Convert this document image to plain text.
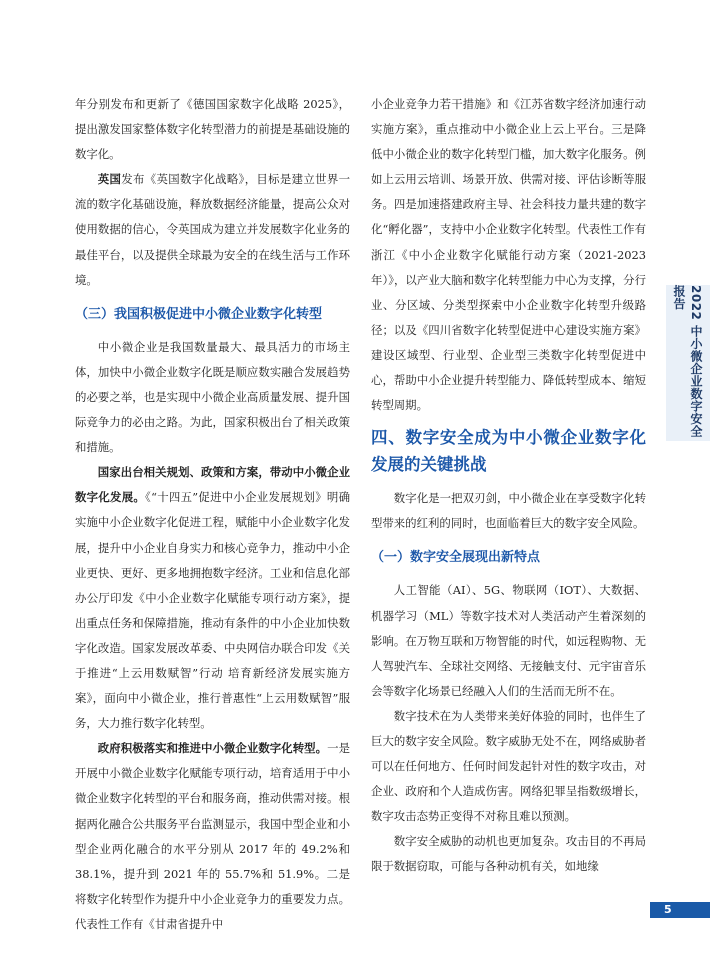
年分别发布和更新了《德国国家数字化战略 2025》，提出激发国家整体数字化转型潜力的前提是基础设施的数字化。

英国发布《英国数字化战略》，目标是建立世界一流的数字化基础设施，释放数据经济能量，提高公众对使用数据的信心，令英国成为建立并发展数字化业务的最佳平台，以及提供全球最为安全的在线生活与工作环境。

（三）我国积极促进中小微企业数字化转型

中小微企业是我国数量最大、最具活力的市场主体，加快中小微企业数字化既是顺应数实融合发展趋势的必要之举，也是实现中小微企业高质量发展、提升国际竞争力的必由之路。为此，国家积极出台了相关政策和措施。

国家出台相关规划、政策和方案，带动中小微企业数字化发展。《“十四五”促进中小企业发展规划》明确实施中小企业数字化促进工程，赋能中小企业数字化发展，提升中小企业自身实力和核心竞争力，推动中小企业更快、更好、更多地拥抱数字经济。工业和信息化部办公厅印发《中小企业数字化赋能专项行动方案》，提出重点任务和保障措施，推动有条件的中小企业加快数字化改造。国家发展改革委、中央网信办联合印发《关于推进“上云用数赋智”行动 培育新经济发展实施方案》，面向中小微企业，推行普惠性“上云用数赋智”服务，大力推行数字化转型。

政府积极落实和推进中小微企业数字化转型。一是开展中小微企业数字化赋能专项行动，培育适用于中小微企业数字化转型的平台和服务商，推动供需对接。根据两化融合公共服务平台监测显示，我国中型企业和小型企业两化融合的水平分别从 2017 年的 49.2%和 38.1%，提升到 2021 年的 55.7%和 51.9%。二是将数字化转型作为提升中小企业竞争力的重要发力点。代表性工作有《甘肃省提升中

小企业竞争力若干措施》和《江苏省数字经济加速行动实施方案》，重点推动中小微企业上云上平台。三是降低中小微企业的数字化转型门槛，加大数字化服务。例如上云用云培训、场景开放、供需对接、评估诊断等服务。四是加速搭建政府主导、社会科技力量共建的数字化“孵化器”，支持中小企业数字化转型。代表性工作有浙江《中小企业数字化赋能行动方案（2021-2023 年）》，以产业大脑和数字化转型能力中心为支撑，分行业、分区域、分类型探索中小企业数字化转型升级路径；以及《四川省数字化转型促进中心建设实施方案》建设区域型、行业型、企业型三类数字化转型促进中心，帮助中小企业提升转型能力、降低转型成本、缩短转型周期。

四、数字安全成为中小微企业数字化发展的关键挑战

数字化是一把双刃剑，中小微企业在享受数字化转型带来的红利的同时，也面临着巨大的数字安全风险。

（一）数字安全展现出新特点

人工智能（AI）、5G、物联网（IOT）、大数据、机器学习（ML）等数字技术对人类活动产生着深刻的影响。在万物互联和万物智能的时代，如远程购物、无人驾驶汽车、全球社交网络、无接触支付、元宇宙音乐会等数字化场景已经融入人们的生活而无所不在。

数字技术在为人类带来美好体验的同时，也伴生了巨大的数字安全风险。数字威胁无处不在，网络威胁者可以在任何地方、任何时间发起针对性的数字攻击，对企业、政府和个人造成伤害。网络犯罪呈指数级增长，数字攻击态势正变得不对称且难以预测。

数字安全威胁的动机也更加复杂。攻击目的不再局限于数据窃取，可能与各种动机有关，如地缘

2022 中小微企业数字安全报告
5
